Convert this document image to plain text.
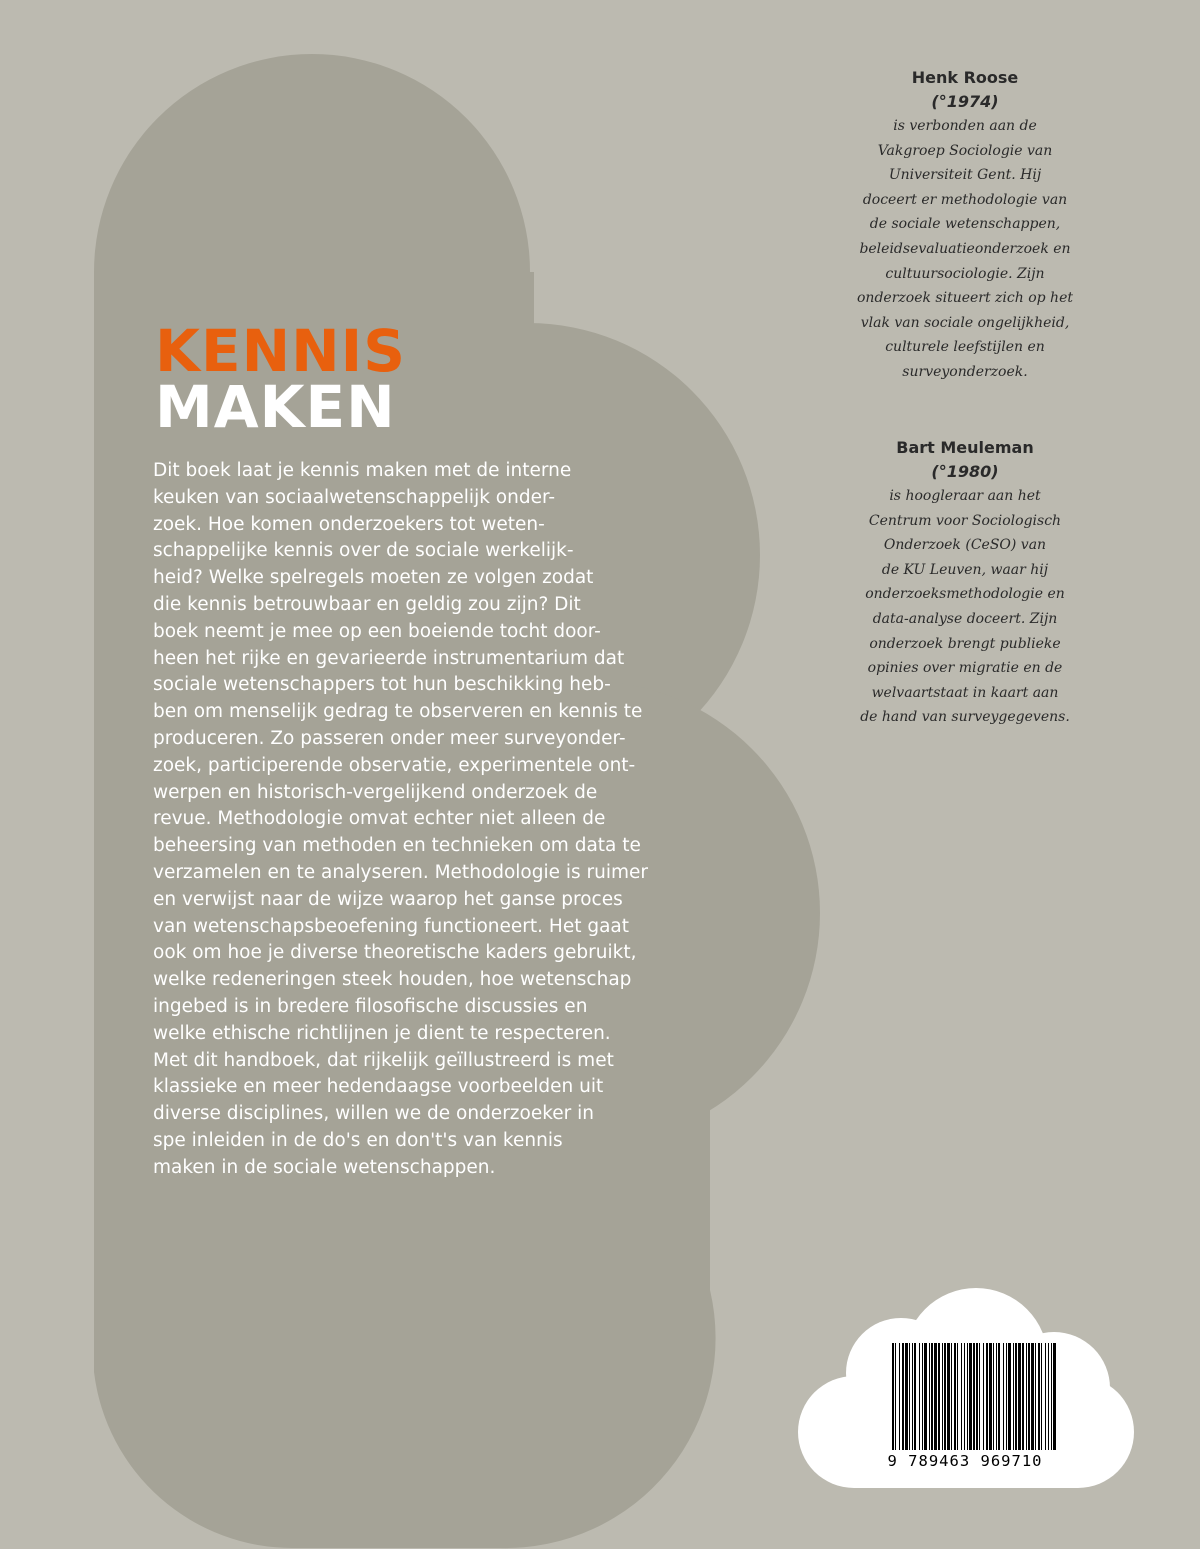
KENNIS
MAKEN
Dit boek laat je kennis maken met de interne
keuken van sociaalwetenschappelijk onder-
zoek. Hoe komen onderzoekers tot weten-
schappelijke kennis over de sociale werkelijk-
heid? Welke spelregels moeten ze volgen zodat
die kennis betrouwbaar en geldig zou zijn? Dit
boek neemt je mee op een boeiende tocht door-
heen het rijke en gevarieerde instrumentarium dat
sociale wetenschappers tot hun beschikking heb-
ben om menselijk gedrag te observeren en kennis te
produceren. Zo passeren onder meer surveyonder-
zoek, participerende observatie, experimentele ont-
werpen en historisch-vergelijkend onderzoek de
revue. Methodologie omvat echter niet alleen de
beheersing van methoden en technieken om data te
verzamelen en te analyseren. Methodologie is ruimer
en verwijst naar de wijze waarop het ganse proces
van wetenschapsbeoefening functioneert. Het gaat
ook om hoe je diverse theoretische kaders gebruikt,
welke redeneringen steek houden, hoe wetenschap
ingebed is in bredere filosofische discussies en
welke ethische richtlijnen je dient te respecteren.
Met dit handboek, dat rijkelijk geïllustreerd is met
klassieke en meer hedendaagse voorbeelden uit
diverse disciplines, willen we de onderzoeker in
spe inleiden in de do's en don't's van kennis
maken in de sociale wetenschappen.
Henk Roose
(°1974)
is verbonden aan de
Vakgroep Sociologie van
Universiteit Gent. Hij
doceert er methodologie van
de sociale wetenschappen,
beleidsevaluatieonderzoek en
cultuursociologie. Zijn
onderzoek situeert zich op het
vlak van sociale ongelijkheid,
culturele leefstijlen en
surveyonderzoek.
Bart Meuleman
(°1980)
is hoogleraar aan het
Centrum voor Sociologisch
Onderzoek (CeSO) van
de KU Leuven, waar hij
onderzoeksmethodologie en
data-analyse doceert. Zijn
onderzoek brengt publieke
opinies over migratie en de
welvaartstaat in kaart aan
de hand van surveygegevens.
9 789463 969710
